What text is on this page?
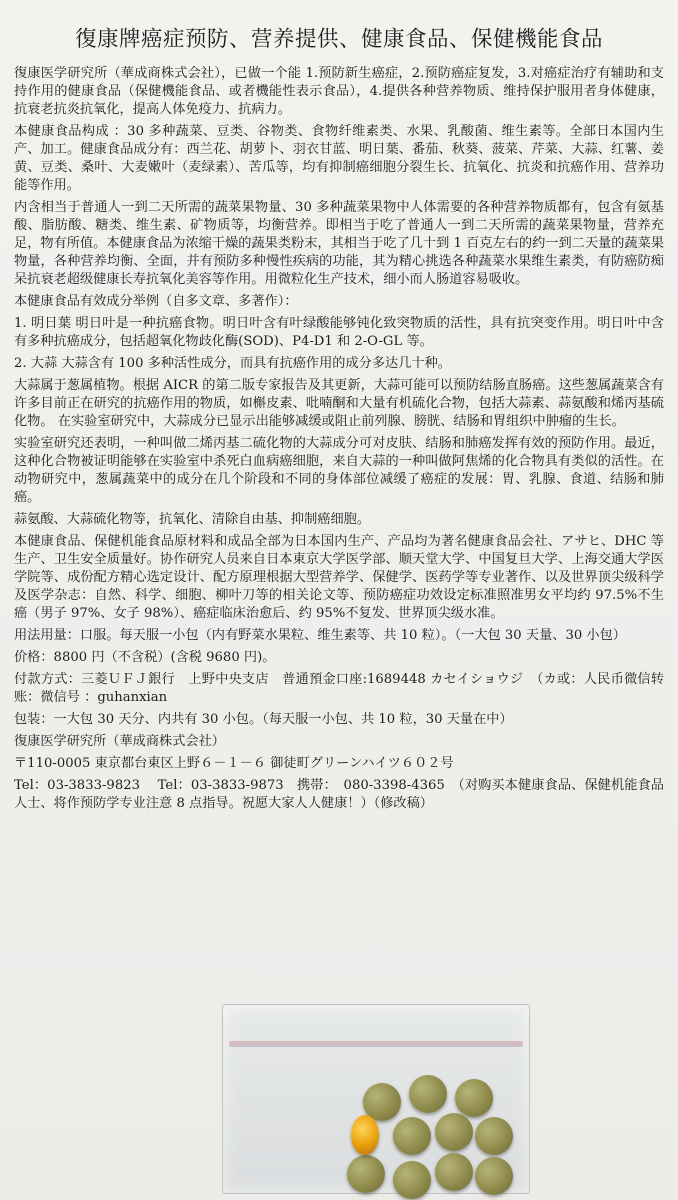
復康牌癌症预防、营养提供、健康食品、保健機能食品

復康医学研究所（華成商株式会社），已做一个能 1.预防新生癌症，2.预防癌症复发，3.对癌症治疗有辅助和支持作用的健康食品（保健機能食品、或者機能性表示食品），4.提供各种营养物质、维持保护服用者身体健康，抗衰老抗炎抗氧化，提高人体免疫力、抗病力。

本健康食品构成 ：30 多种蔬菜、豆类、谷物类、食物纤维素类、水果、乳酸菌、维生素等。全部日本国内生产、加工。健康食品成分有：西兰花、胡萝卜、羽衣甘蓝、明日葉、番茄、秋葵、菠菜、芹菜、大蒜、红薯、姜黄、豆类、桑叶、大麦嫩叶（麦绿素）、苦瓜等，均有抑制癌细胞分裂生长、抗氧化、抗炎和抗癌作用、营养功能等作用。

内含相当于普通人一到二天所需的蔬菜果物量、30 多种蔬菜果物中人体需要的各种营养物质都有，包含有氨基酸、脂肪酸、糖类、维生素、矿物质等，均衡营养。即相当于吃了普通人一到二天所需的蔬菜果物量，营养充足，物有所值。本健康食品为浓缩干燥的蔬果类粉末，其相当于吃了几十到 1 百克左右的约一到二天量的蔬菜果物量，各种营养均衡、全面，并有预防多种慢性疾病的功能，其为精心挑选各种蔬菜水果维生素类，有防癌防痴呆抗衰老超级健康长寿抗氧化美容等作用。用微粒化生产技术，细小而人肠道容易吸收。

本健康食品有效成分举例（自多文章、多著作）：

1. 明日葉 明日叶是一种抗癌食物。明日叶含有叶绿酸能够钝化致突物质的活性，具有抗突变作用。明日叶中含有多种抗癌成分，包括超氧化物歧化酶(SOD)、P4-D1 和 2-O-GL 等。

2. 大蒜 大蒜含有 100 多种活性成分，而具有抗癌作用的成分多达几十种。

大蒜属于葱属植物。根据 AICR 的第二版专家报告及其更新，大蒜可能可以预防结肠直肠癌。这些葱属蔬菜含有许多目前正在研究的抗癌作用的物质，如槲皮素、吡喃酮和大量有机硫化合物，包括大蒜素、蒜氨酸和烯丙基硫化物。 在实验室研究中，大蒜成分已显示出能够减缓或阻止前列腺、膀胱、结肠和胃组织中肿瘤的生长。

实验室研究还表明，一种叫做二烯丙基二硫化物的大蒜成分可对皮肤、结肠和肺癌发挥有效的预防作用。最近，这种化合物被证明能够在实验室中杀死白血病癌细胞，来自大蒜的一种叫做阿焦烯的化合物具有类似的活性。在动物研究中，葱属蔬菜中的成分在几个阶段和不同的身体部位减缓了癌症的发展：胃、乳腺、食道、结肠和肺癌。

蒜氨酸、大蒜硫化物等，抗氧化、清除自由基、抑制癌细胞。

本健康食品、保健机能食品原材料和成品全部为日本国内生产、产品均为著名健康食品会社、アサヒ、DHC 等生产、卫生安全质量好。协作研究人员来自日本東京大学医学部、顺天堂大学、中国复旦大学、上海交通大学医学院等、成份配方精心选定设计、配方原理根据大型营养学、保健学、医药学等专业著作、以及世界顶尖级科学及医学杂志：自然、科学、细胞、柳叶刀等的相关论文等、预防癌症功效设定标准照准男女平均约 97.5%不生癌（男子 97%、女子 98%）、癌症临床治愈后、约 95%不复发、世界顶尖级水准。

用法用量：口服。每天服一小包（内有野菜水果粒、维生素等、共 10 粒）。（一大包 30 天量、30 小包）

价格：8800 円（不含税）(含税 9680 円)。

付款方式：三菱ＵＦＪ銀行　上野中央支店　普通預金口座:1689448 カセイショウジ　（カ或：人民币微信转账：微信号 ：guhanxian

包装：一大包 30 天分、内共有 30 小包。（每天服一小包、共 10 粒，30 天量在中）

復康医学研究所（華成商株式会社）

〒110-0005 東京都台東区上野６－１－６ 御徒町グリーンハイツ６０２号

Tel：03-3833-9823　 Tel：03-3833-9873　携帯：　080-3398-4365　（对购买本健康食品、保健机能食品人士、将作预防学专业注意 8 点指导。祝愿大家人人健康！）（修改稿）
